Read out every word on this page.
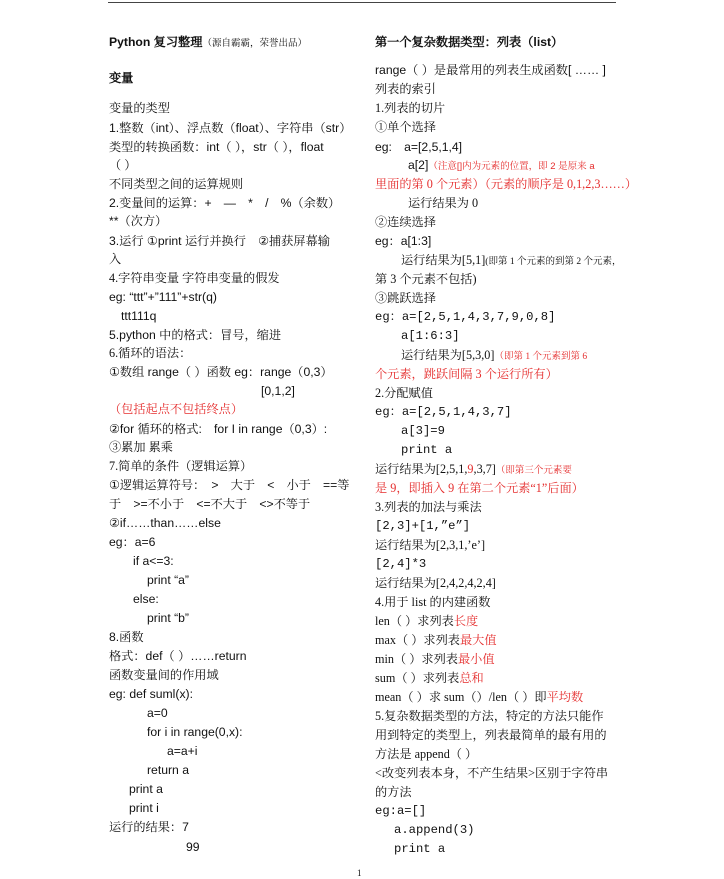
Python 复习整理（源自霸霸，荣誉出品）
变量
变量的类型
1.整数（int）、浮点数（float）、字符串（str）
类型的转换函数：int（ ），str（ ），float
（ ）
不同类型之间的运算规则
2.变量间的运算：+　—　*　/　%（余数）
**（次方）
3.运行 ①print 运行并换行　②捕获屏幕输
入
4.字符串变量 字符串变量的假发
eg: “ttt”+”111”+str(q)
ttt111q
5.python 中的格式：冒号，缩进
6.循环的语法：
①数组 range（ ）函数 eg：range（0,3）
[0,1,2]
（包括起点不包括终点）
②for 循环的格式:　for I in range（0,3）:
③累加 累乘
7.简单的条件（逻辑运算）
①逻辑运算符号：　>　大于　<　小于　==等
于　>=不小于　<=不大于　<>不等于
②if……than……else
eg：a=6
if a<=3:
print “a”
else:
print “b”
8.函数
格式：def（ ）……return
函数变量间的作用域
eg: def suml(x):
a=0
for i in range(0,x):
a=a+i
return a
print a
print i
运行的结果：7
99
第一个复杂数据类型：列表（list）
range（ ）是最常用的列表生成函数[ …… ]
列表的索引
1.列表的切片
①单个选择
eg:　a=[2,5,1,4]
a[2]（注意[]内为元素的位置，即 2 是原来 a
里面的第 0 个元素）（元素的顺序是 0,1,2,3……）
运行结果为 0
②连续选择
eg：a[1:3]
运行结果为[5,1](即第 1 个元素的到第 2 个元素，
第 3 个元素不包括)
③跳跃选择
eg：a=[2,5,1,4,3,7,9,0,8]
a[1:6:3]
运行结果为[5,3,0]（即第 1 个元素到第 6
个元素，跳跃间隔 3 个运行所有）
2.分配赋值
eg：a=[2,5,1,4,3,7]
a[3]=9
print a
运行结果为[2,5,1,9,3,7]（即第三个元素要
是 9，即插入 9 在第二个元素“1”后面）
3.列表的加法与乘法
[2,3]+[1,”e”]
运行结果为[2,3,1,’e’]
[2,4]*3
运行结果为[2,4,2,4,2,4]
4.用于 list 的内建函数
len（ ）求列表长度
max（ ）求列表最大值
min（ ）求列表最小值
sum（ ）求列表总和
mean（ ）求 sum（）/len（ ）即平均数
5.复杂数据类型的方法，特定的方法只能作
用到特定的类型上，列表最简单的最有用的
方法是 append（ ）
<改变列表本身，不产生结果>区别于字符串
的方法
eg:a=[]
a.append(3)
print a
1
